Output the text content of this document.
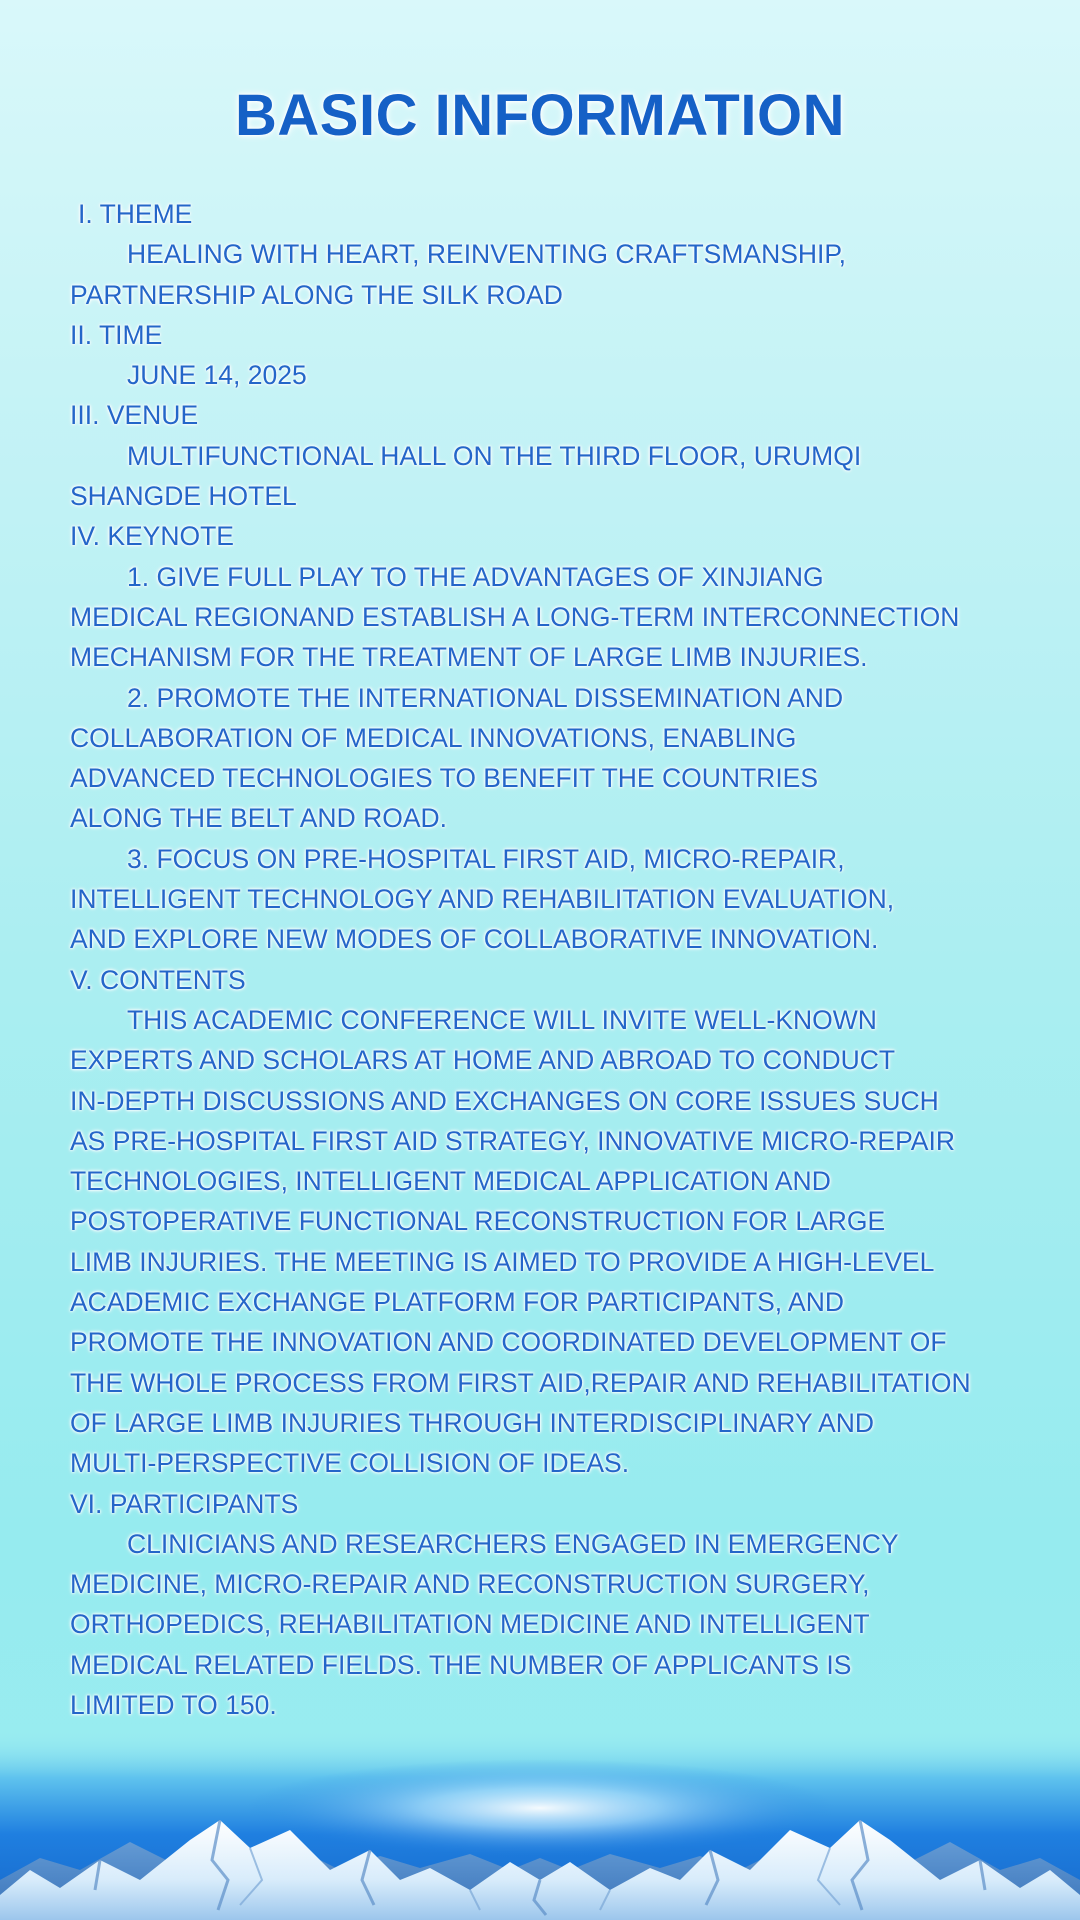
BASIC INFORMATION
I. THEME
HEALING WITH HEART, REINVENTING CRAFTSMANSHIP,
PARTNERSHIP ALONG THE SILK ROAD
II. TIME
JUNE 14, 2025
III. VENUE
MULTIFUNCTIONAL HALL ON THE THIRD FLOOR, URUMQI
SHANGDE HOTEL
IV. KEYNOTE
1. GIVE FULL PLAY TO THE ADVANTAGES OF XINJIANG
MEDICAL REGIONAND ESTABLISH A LONG-TERM INTERCONNECTION
MECHANISM FOR THE TREATMENT OF LARGE LIMB INJURIES.
2. PROMOTE THE INTERNATIONAL DISSEMINATION AND
COLLABORATION OF MEDICAL INNOVATIONS, ENABLING
ADVANCED TECHNOLOGIES TO BENEFIT THE COUNTRIES
ALONG THE BELT AND ROAD.
3. FOCUS ON PRE-HOSPITAL FIRST AID, MICRO-REPAIR,
INTELLIGENT TECHNOLOGY AND REHABILITATION EVALUATION,
AND EXPLORE NEW MODES OF COLLABORATIVE INNOVATION.
V. CONTENTS
THIS ACADEMIC CONFERENCE WILL INVITE WELL-KNOWN
EXPERTS AND SCHOLARS AT HOME AND ABROAD TO CONDUCT
IN-DEPTH DISCUSSIONS AND EXCHANGES ON CORE ISSUES SUCH
AS PRE-HOSPITAL FIRST AID STRATEGY, INNOVATIVE MICRO-REPAIR
TECHNOLOGIES, INTELLIGENT MEDICAL APPLICATION AND
POSTOPERATIVE FUNCTIONAL RECONSTRUCTION FOR LARGE
LIMB INJURIES. THE MEETING IS AIMED TO PROVIDE A HIGH-LEVEL
ACADEMIC EXCHANGE PLATFORM FOR PARTICIPANTS, AND
PROMOTE THE INNOVATION AND COORDINATED DEVELOPMENT OF
THE WHOLE PROCESS FROM FIRST AID,REPAIR AND REHABILITATION
OF LARGE LIMB INJURIES THROUGH INTERDISCIPLINARY AND
MULTI-PERSPECTIVE COLLISION OF IDEAS.
VI. PARTICIPANTS
CLINICIANS AND RESEARCHERS ENGAGED IN EMERGENCY
MEDICINE, MICRO-REPAIR AND RECONSTRUCTION SURGERY,
ORTHOPEDICS, REHABILITATION MEDICINE AND INTELLIGENT
MEDICAL RELATED FIELDS. THE NUMBER OF APPLICANTS IS
LIMITED TO 150.
